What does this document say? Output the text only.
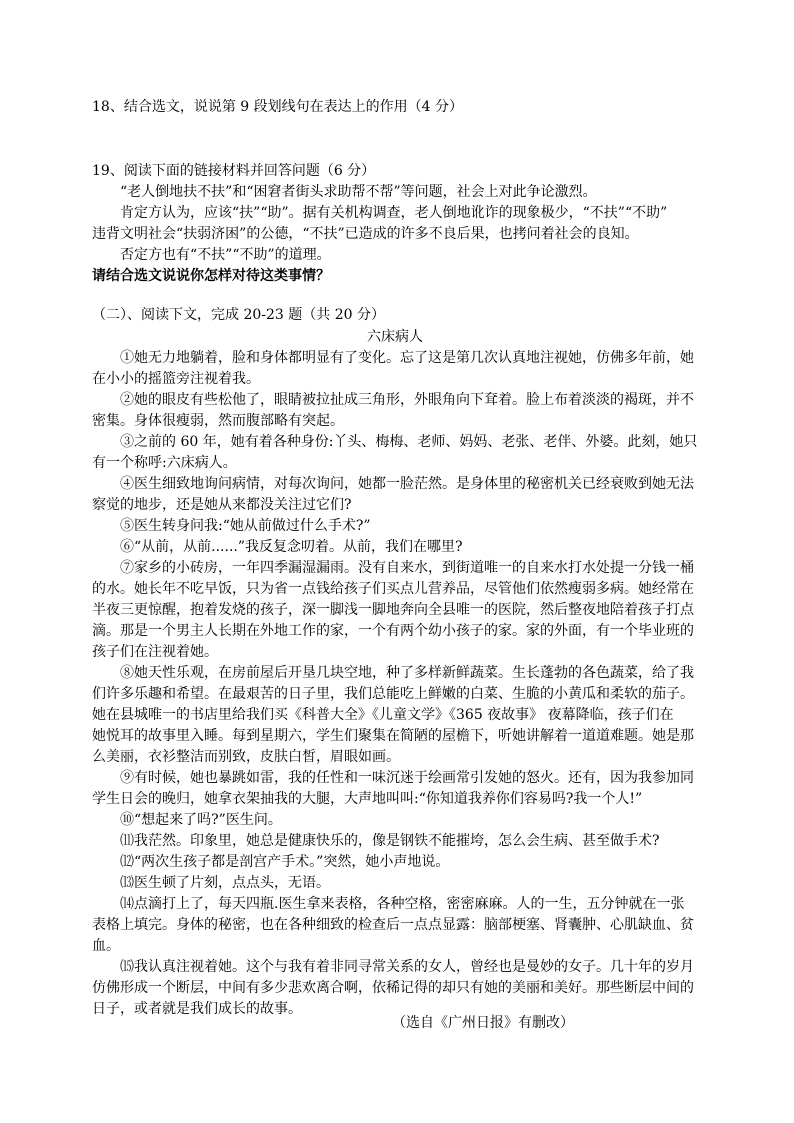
18、结合选文，说说第 9 段划线句在表达上的作用（4 分）
19、阅读下面的链接材料并回答问题（6 分）
“老人倒地扶不扶”和“困窘者街头求助帮不帮”等问题，社会上对此争论激烈。
肯定方认为，应该“扶”“助”。据有关机构调查，老人倒地讹诈的现象极少，“不扶”“不助”
违背文明社会“扶弱济困”的公德，“不扶”已造成的许多不良后果，也拷问着社会的良知。
否定方也有“不扶”“不助”的道理。
请结合选文说说你怎样对待这类事情？
（二）、阅读下文，完成 20-23 题（共 20 分）
六床病人
①她无力地躺着，脸和身体都明显有了变化。忘了这是第几次认真地注视她，仿佛多年前，她
在小小的摇篮旁注视着我。
②她的眼皮有些松他了，眼睛被拉扯成三角形，外眼角向下耷着。脸上布着淡淡的褐斑，并不
密集。身体很瘦弱，然而腹部略有突起。
③之前的 60 年，她有着各种身份:丫头、梅梅、老师、妈妈、老张、老伴、外婆。此刻，她只
有一个称呼:六床病人。
④医生细致地询问病情，对每次询问，她都一脸茫然。是身体里的秘密机关已经衰败到她无法
察觉的地步，还是她从来都没关注过它们?
⑤医生转身问我:“她从前做过什么手术?”
⑥“从前，从前......”我反复念叨着。从前，我们在哪里?
⑦家乡的小砖房，一年四季漏湿漏雨。没有自来水，到街道唯一的自来水打水处提一分钱一桶
的水。她长年不吃早饭，只为省一点钱给孩子们买点儿营养品，尽管他们依然瘦弱多病。她经常在
半夜三更惊醒，抱着发烧的孩子，深一脚浅一脚地奔向全县唯一的医院，然后整夜地陪着孩子打点
滴。那是一个男主人长期在外地工作的家，一个有两个幼小孩子的家。家的外面，有一个毕业班的
孩子们在注视着她。
⑧她天性乐观，在房前屋后开垦几块空地，种了多样新鲜蔬菜。生长蓬勃的各色蔬菜，给了我
们许多乐趣和希望。在最艰苦的日子里，我们总能吃上鲜嫩的白菜、生脆的小黄瓜和柔软的茄子。
她在县城唯一的书店里给我们买《科普大全》《儿童文学》《365 夜故事》 夜幕降临，孩子们在
她悦耳的故事里入睡。每到星期六，学生们聚集在简陋的屋檐下，听她讲解着一道道难题。她是那
么美丽，衣衫整洁而别致，皮肤白皙，眉眼如画。
⑨有时候，她也暴跳如雷，我的任性和一味沉迷于绘画常引发她的怒火。还有，因为我参加同
学生日会的晚归，她拿衣架抽我的大腿，大声地叫叫:“你知道我养你们容易吗?我一个人!”
⑩“想起来了吗?”医生问。
⑾我茫然。印象里，她总是健康快乐的，像是钢铁不能摧垮，怎么会生病、甚至做手术?
⑿“两次生孩子都是剖宫产手术。”突然，她小声地说。
⒀医生顿了片刻，点点头，无语。
⒁点滴打上了，每天四瓶.医生拿来表格，各种空格，密密麻麻。人的一生，五分钟就在一张
表格上填完。身体的秘密，也在各种细致的检查后一点点显露：脑部梗塞、肾囊肿、心肌缺血、贫
血。
⒂我认真注视着她。这个与我有着非同寻常关系的女人，曾经也是曼妙的女子。几十年的岁月
仿佛形成一个断层，中间有多少悲欢离合啊，依稀记得的却只有她的美丽和美好。那些断层中间的
日子，或者就是我们成长的故事。
（选自《广州日报》有删改）
